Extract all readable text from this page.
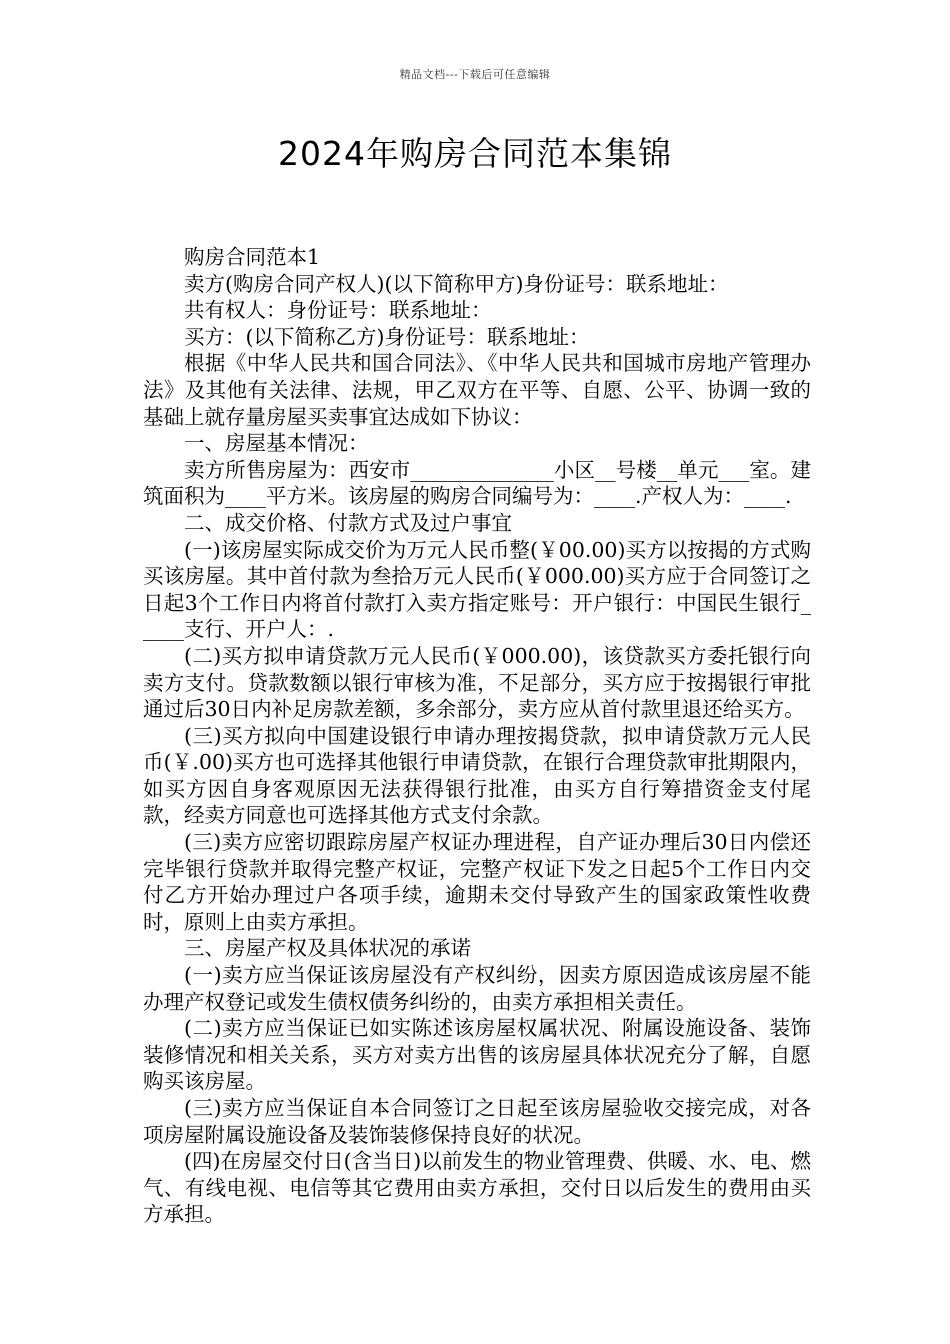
精品文档---下载后可任意编辑
2024年购房合同范本集锦

购房合同范本1

卖方(购房合同产权人)(以下简称甲方)身份证号：联系地址：

共有权人：身份证号：联系地址：

买方：(以下简称乙方)身份证号：联系地址：

根据《中华人民共和国合同法》、《中华人民共和国城市房地产管理办法》及其他有关法律、法规，甲乙双方在平等、自愿、公平、协调一致的基础上就存量房屋买卖事宜达成如下协议：

一、房屋基本情况：

卖方所售房屋为：西安市______________小区__号楼__单元___室。建筑面积为____平方米。该房屋的购房合同编号为：____.产权人为：____.

二、成交价格、付款方式及过户事宜

(一)该房屋实际成交价为万元人民币整(￥00.00)买方以按揭的方式购买该房屋。其中首付款为叁拾万元人民币(￥000.00)买方应于合同签订之日起3个工作日内将首付款打入卖方指定账号：开户银行：中国民生银行_____支行、开户人：.

(二)买方拟申请贷款万元人民币(￥000.00)，该贷款买方委托银行向卖方支付。贷款数额以银行审核为准，不足部分，买方应于按揭银行审批通过后30日内补足房款差额，多余部分，卖方应从首付款里退还给买方。

(三)买方拟向中国建设银行申请办理按揭贷款，拟申请贷款万元人民币(￥.00)买方也可选择其他银行申请贷款，在银行合理贷款审批期限内，如买方因自身客观原因无法获得银行批准，由买方自行筹措资金支付尾款，经卖方同意也可选择其他方式支付余款。

(三)卖方应密切跟踪房屋产权证办理进程，自产证办理后30日内偿还完毕银行贷款并取得完整产权证，完整产权证下发之日起5个工作日内交付乙方开始办理过户各项手续，逾期未交付导致产生的国家政策性收费时，原则上由卖方承担。

三、房屋产权及具体状况的承诺

(一)卖方应当保证该房屋没有产权纠纷，因卖方原因造成该房屋不能办理产权登记或发生债权债务纠纷的，由卖方承担相关责任。

(二)卖方应当保证已如实陈述该房屋权属状况、附属设施设备、装饰装修情况和相关关系，买方对卖方出售的该房屋具体状况充分了解，自愿购买该房屋。

(三)卖方应当保证自本合同签订之日起至该房屋验收交接完成，对各项房屋附属设施设备及装饰装修保持良好的状况。

(四)在房屋交付日(含当日)以前发生的物业管理费、供暖、水、电、燃气、有线电视、电信等其它费用由卖方承担，交付日以后发生的费用由买方承担。
